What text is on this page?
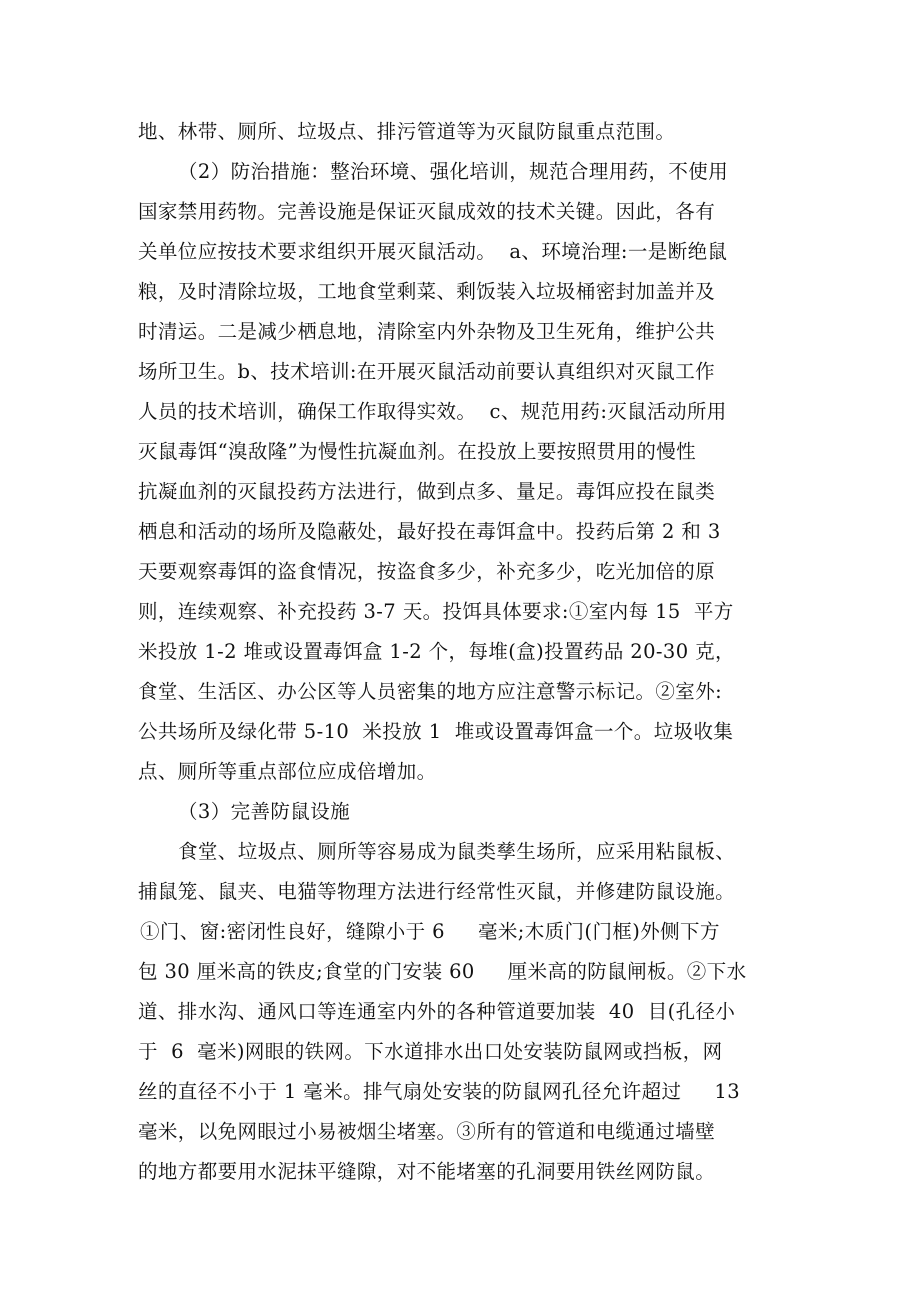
地、林带、厕所、垃圾点、排污管道等为灭鼠防鼠重点范围。
（2）防治措施：整治环境、强化培训，规范合理用药，不使用
国家禁用药物。完善设施是保证灭鼠成效的技术关键。因此，各有
关单位应按技术要求组织开展灭鼠活动。  a、环境治理:一是断绝鼠
粮，及时清除垃圾，工地食堂剩菜、剩饭装入垃圾桶密封加盖并及
时清运。二是减少栖息地，清除室内外杂物及卫生死角，维护公共
场所卫生。b、技术培训:在开展灭鼠活动前要认真组织对灭鼠工作
人员的技术培训，确保工作取得实效。  c、规范用药:灭鼠活动所用
灭鼠毒饵“溴敌隆”为慢性抗凝血剂。在投放上要按照贯用的慢性
抗凝血剂的灭鼠投药方法进行，做到点多、量足。毒饵应投在鼠类
栖息和活动的场所及隐蔽处，最好投在毒饵盒中。投药后第 2 和 3
天要观察毒饵的盗食情况，按盗食多少，补充多少，吃光加倍的原
则，连续观察、补充投药 3-7 天。投饵具体要求:①室内每 15  平方
米投放 1-2 堆或设置毒饵盒 1-2 个，每堆(盒)投置药品 20-30 克，
食堂、生活区、办公区等人员密集的地方应注意警示标记。②室外:
公共场所及绿化带 5-10  米投放 1  堆或设置毒饵盒一个。垃圾收集
点、厕所等重点部位应成倍增加。
（3）完善防鼠设施
食堂、垃圾点、厕所等容易成为鼠类孳生场所，应采用粘鼠板、
捕鼠笼、鼠夹、电猫等物理方法进行经常性灭鼠，并修建防鼠设施。
①门、窗:密闭性良好，缝隙小于 6     毫米;木质门(门框)外侧下方
包 30 厘米高的铁皮;食堂的门安装 60     厘米高的防鼠闸板。②下水
道、排水沟、通风口等连通室内外的各种管道要加装  40  目(孔径小
于  6  毫米)网眼的铁网。下水道排水出口处安装防鼠网或挡板，网
丝的直径不小于 1 毫米。排气扇处安装的防鼠网孔径允许超过     13
毫米，以免网眼过小易被烟尘堵塞。③所有的管道和电缆通过墙壁
的地方都要用水泥抹平缝隙，对不能堵塞的孔洞要用铁丝网防鼠。
